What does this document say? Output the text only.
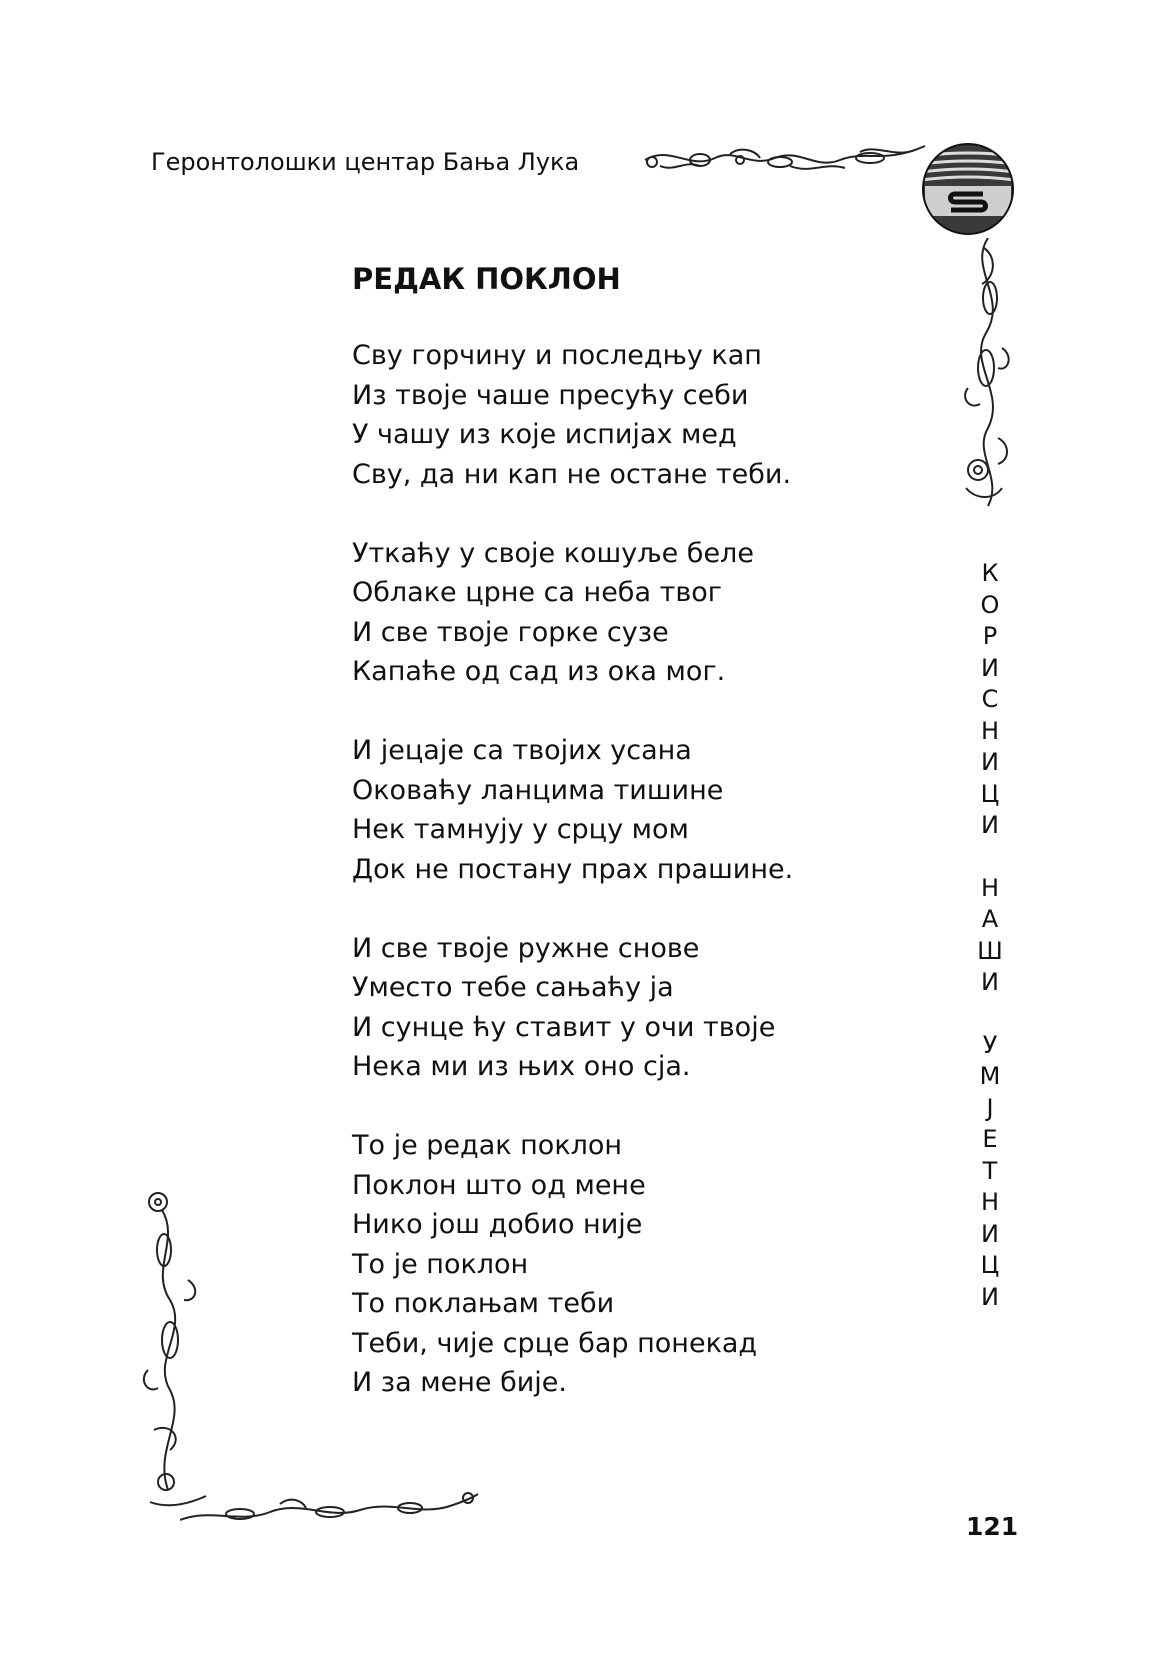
Геронтолошки центар Бања Лука
РЕДАК ПОКЛОН
Сву горчину и последњу кап
Из твоје чаше пресућу себи
У чашу из које испијах мед
Сву, да ни кап не остане теби.
Уткаћу у своје кошуље беле
Облаке црне са неба твог
И све твоје горке сузе
Капаће од сад из ока мог.
И јецаје са твојих усана
Оковаћу ланцима тишине
Нек тамнују у срцу мом
Док не постану прах прашине.
И све твоје ружне снове
Уместо тебе сањаћу ја
И сунце ћу ставит у очи твоје
Нека ми из њих оно сја.
То је редак поклон
Поклон што од мене
Нико још добио није
То је поклон
То поклањам теби
Теби, чије срце бар понекад
И за мене бије.
К
О
Р
И
С
Н
И
Ц
И
Н
А
Ш
И
У
М
Ј
Е
Т
Н
И
Ц
И
121
